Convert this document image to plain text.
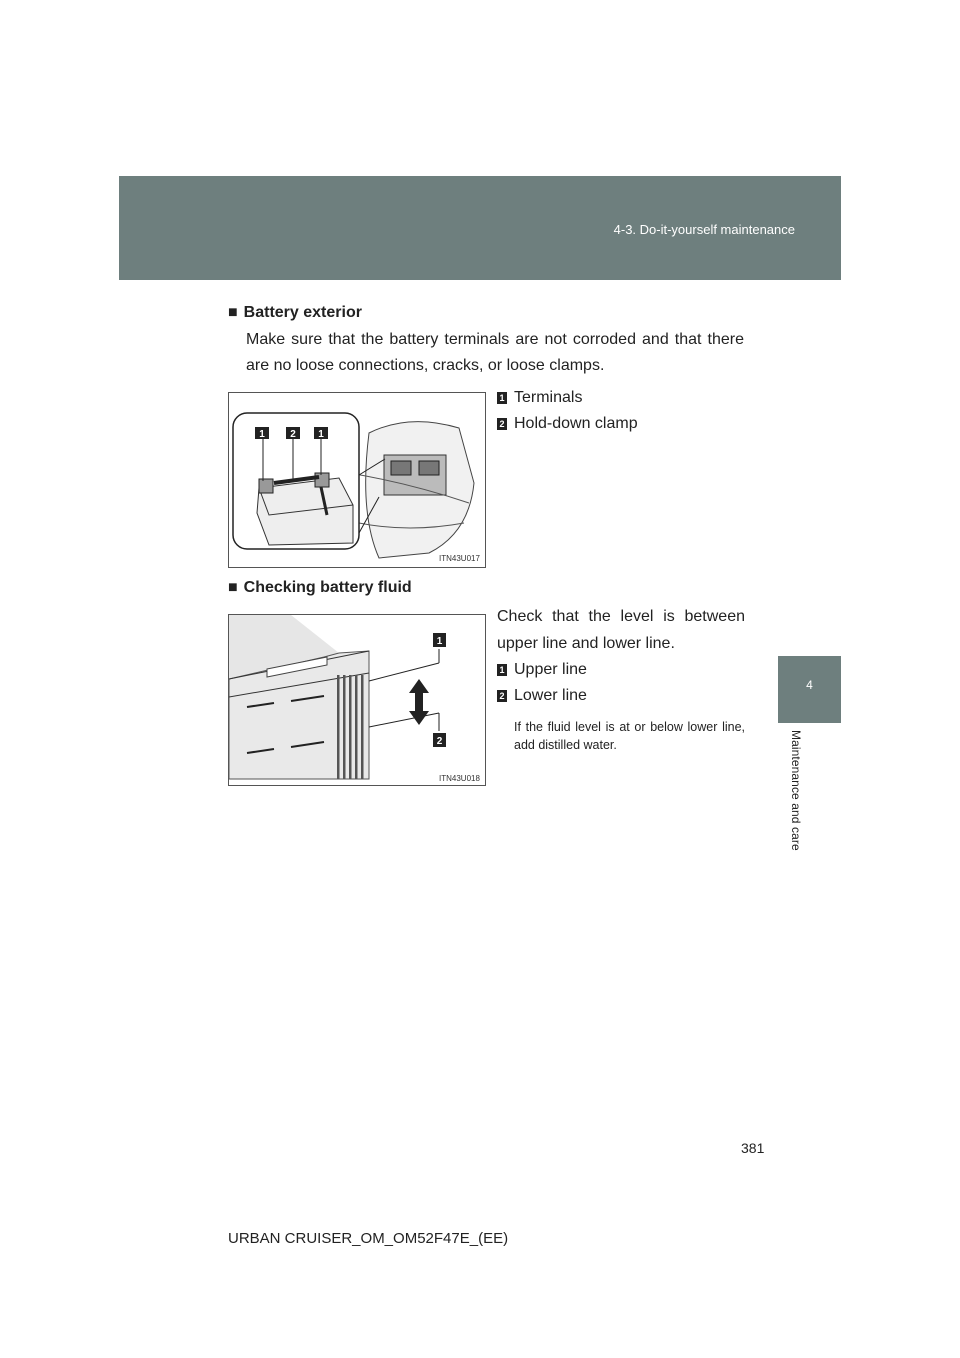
4-3. Do-it-yourself maintenance
4
Maintenance and care
■ Battery exterior
Make sure that the battery terminals are not corroded and that there are no loose connections, cracks, or loose clamps.
1	2 1
ITN43U017
1 Terminals
2 Hold-down clamp
■ Checking battery fluid
Check that the level is between upper line and lower line.
1
2
ITN43U018
1 Upper line
2 Lower line
If the fluid level is at or below lower line, add distilled water.
381
URBAN CRUISER_OM_OM52F47E_(EE)
